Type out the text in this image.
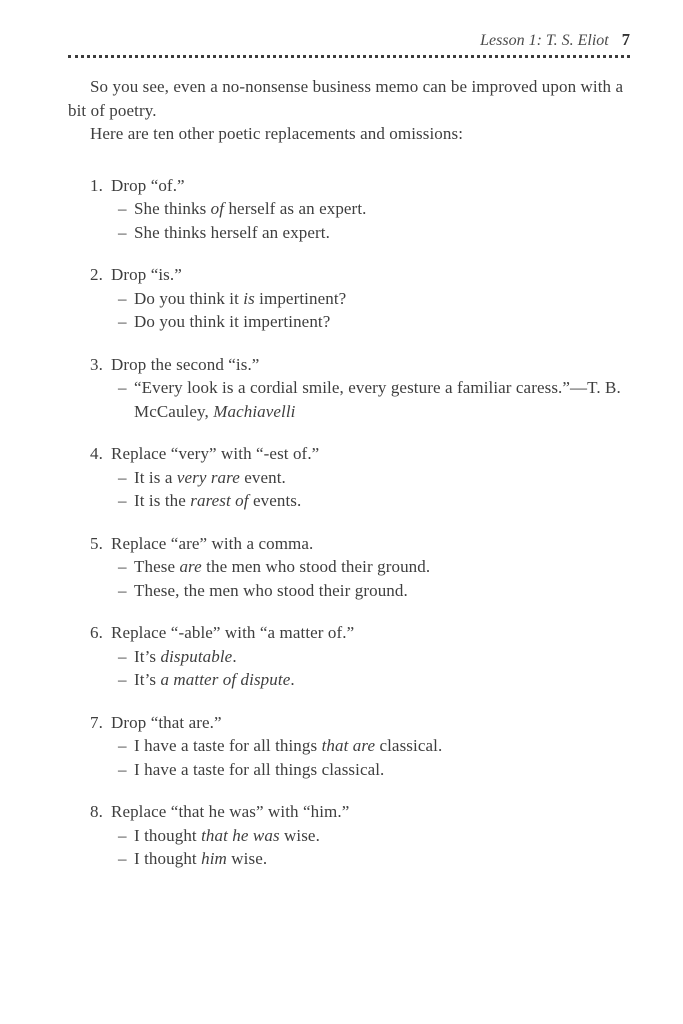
Lesson 1: T. S. Eliot 7

So you see, even a no-nonsense business memo can be improved upon with a bit of poetry.

Here are ten other poetic replacements and omissions:

1. Drop “of.”
– She thinks of herself as an expert.
– She thinks herself an expert.
2. Drop “is.”
– Do you think it is impertinent?
– Do you think it impertinent?
3. Drop the second “is.”
– “Every look is a cordial smile, every gesture a familiar caress.”—T. B. McCauley, Machiavelli
4. Replace “very” with “-est of.”
– It is a very rare event.
– It is the rarest of events.
5. Replace “are” with a comma.
– These are the men who stood their ground.
– These, the men who stood their ground.
6. Replace “-able” with “a matter of.”
– It’s disputable.
– It’s a matter of dispute.
7. Drop “that are.”
– I have a taste for all things that are classical.
– I have a taste for all things classical.
8. Replace “that he was” with “him.”
– I thought that he was wise.
– I thought him wise.
